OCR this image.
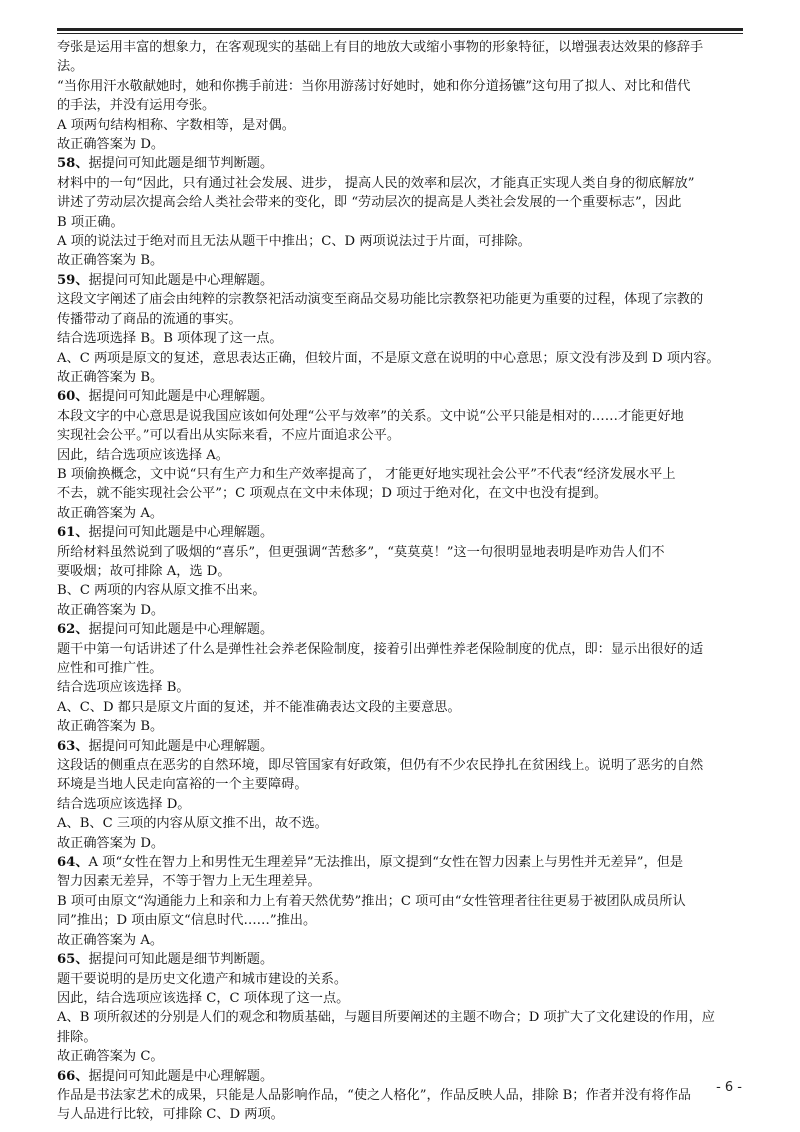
夸张是运用丰富的想象力，在客观现实的基础上有目的地放大或缩小事物的形象特征，以增强表达效果的修辞手
法。
“当你用汗水敬献她时，她和你携手前进：当你用游荡讨好她时，她和你分道扬镳”这句用了拟人、对比和借代
的手法，并没有运用夸张。
A 项两句结构相称、字数相等，是对偶。
故正确答案为 D。
58、据提问可知此题是细节判断题。
材料中的一句“因此，只有通过社会发展、进步， 提高人民的效率和层次，才能真正实现人类自身的彻底解放”
讲述了劳动层次提高会给人类社会带来的变化，即 “劳动层次的提高是人类社会发展的一个重要标志”，因此
B 项正确。
A 项的说法过于绝对而且无法从题干中推出；C、D 两项说法过于片面，可排除。
故正确答案为 B。
59、据提问可知此题是中心理解题。
这段文字阐述了庙会由纯粹的宗教祭祀活动演变至商品交易功能比宗教祭祀功能更为重要的过程，体现了宗教的
传播带动了商品的流通的事实。
结合选项选择 B。B 项体现了这一点。
A、C 两项是原文的复述，意思表达正确，但较片面，不是原文意在说明的中心意思；原文没有涉及到 D 项内容。
故正确答案为 B。
60、据提问可知此题是中心理解题。
本段文字的中心意思是说我国应该如何处理“公平与效率”的关系。文中说“公平只能是相对的……才能更好地
实现社会公平。”可以看出从实际来看，不应片面追求公平。
因此，结合选项应该选择 A。
B 项偷换概念，文中说“只有生产力和生产效率提高了， 才能更好地实现社会公平”不代表“经济发展水平上
不去，就不能实现社会公平”；C 项观点在文中未体现；D 项过于绝对化，在文中也没有提到。
故正确答案为 A。
61、据提问可知此题是中心理解题。
所给材料虽然说到了吸烟的“喜乐”，但更强调“苦愁多”，“莫莫莫！”这一句很明显地表明是咋劝告人们不
要吸烟；故可排除 A，选 D。
B、C 两项的内容从原文推不出来。
故正确答案为 D。
62、据提问可知此题是中心理解题。
题干中第一句话讲述了什么是弹性社会养老保险制度，接着引出弹性养老保险制度的优点，即：显示出很好的适
应性和可推广性。
结合选项应该选择 B。
A、C、D 都只是原文片面的复述，并不能准确表达文段的主要意思。
故正确答案为 B。
63、据提问可知此题是中心理解题。
这段话的侧重点在恶劣的自然环境，即尽管国家有好政策，但仍有不少农民挣扎在贫困线上。说明了恶劣的自然
环境是当地人民走向富裕的一个主要障碍。
结合选项应该选择 D。
A、B、C 三项的内容从原文推不出，故不选。
故正确答案为 D。
64、A 项“女性在智力上和男性无生理差异”无法推出，原文提到“女性在智力因素上与男性并无差异”，但是
智力因素无差异，不等于智力上无生理差异。
B 项可由原文“沟通能力上和亲和力上有着天然优势”推出；C 项可由“女性管理者往往更易于被团队成员所认
同”推出；D 项由原文“信息时代……”推出。
故正确答案为 A。
65、据提问可知此题是细节判断题。
题干要说明的是历史文化遗产和城市建设的关系。
因此，结合选项应该选择 C，C 项体现了这一点。
A、B 项所叙述的分别是人们的观念和物质基础，与题目所要阐述的主题不吻合；D 项扩大了文化建设的作用，应
排除。
故正确答案为 C。
66、据提问可知此题是中心理解题。
作品是书法家艺术的成果，只能是人品影响作品，“使之人格化”，作品反映人品，排除 B；作者并没有将作品
与人品进行比较，可排除 C、D 两项。
- 6 -
